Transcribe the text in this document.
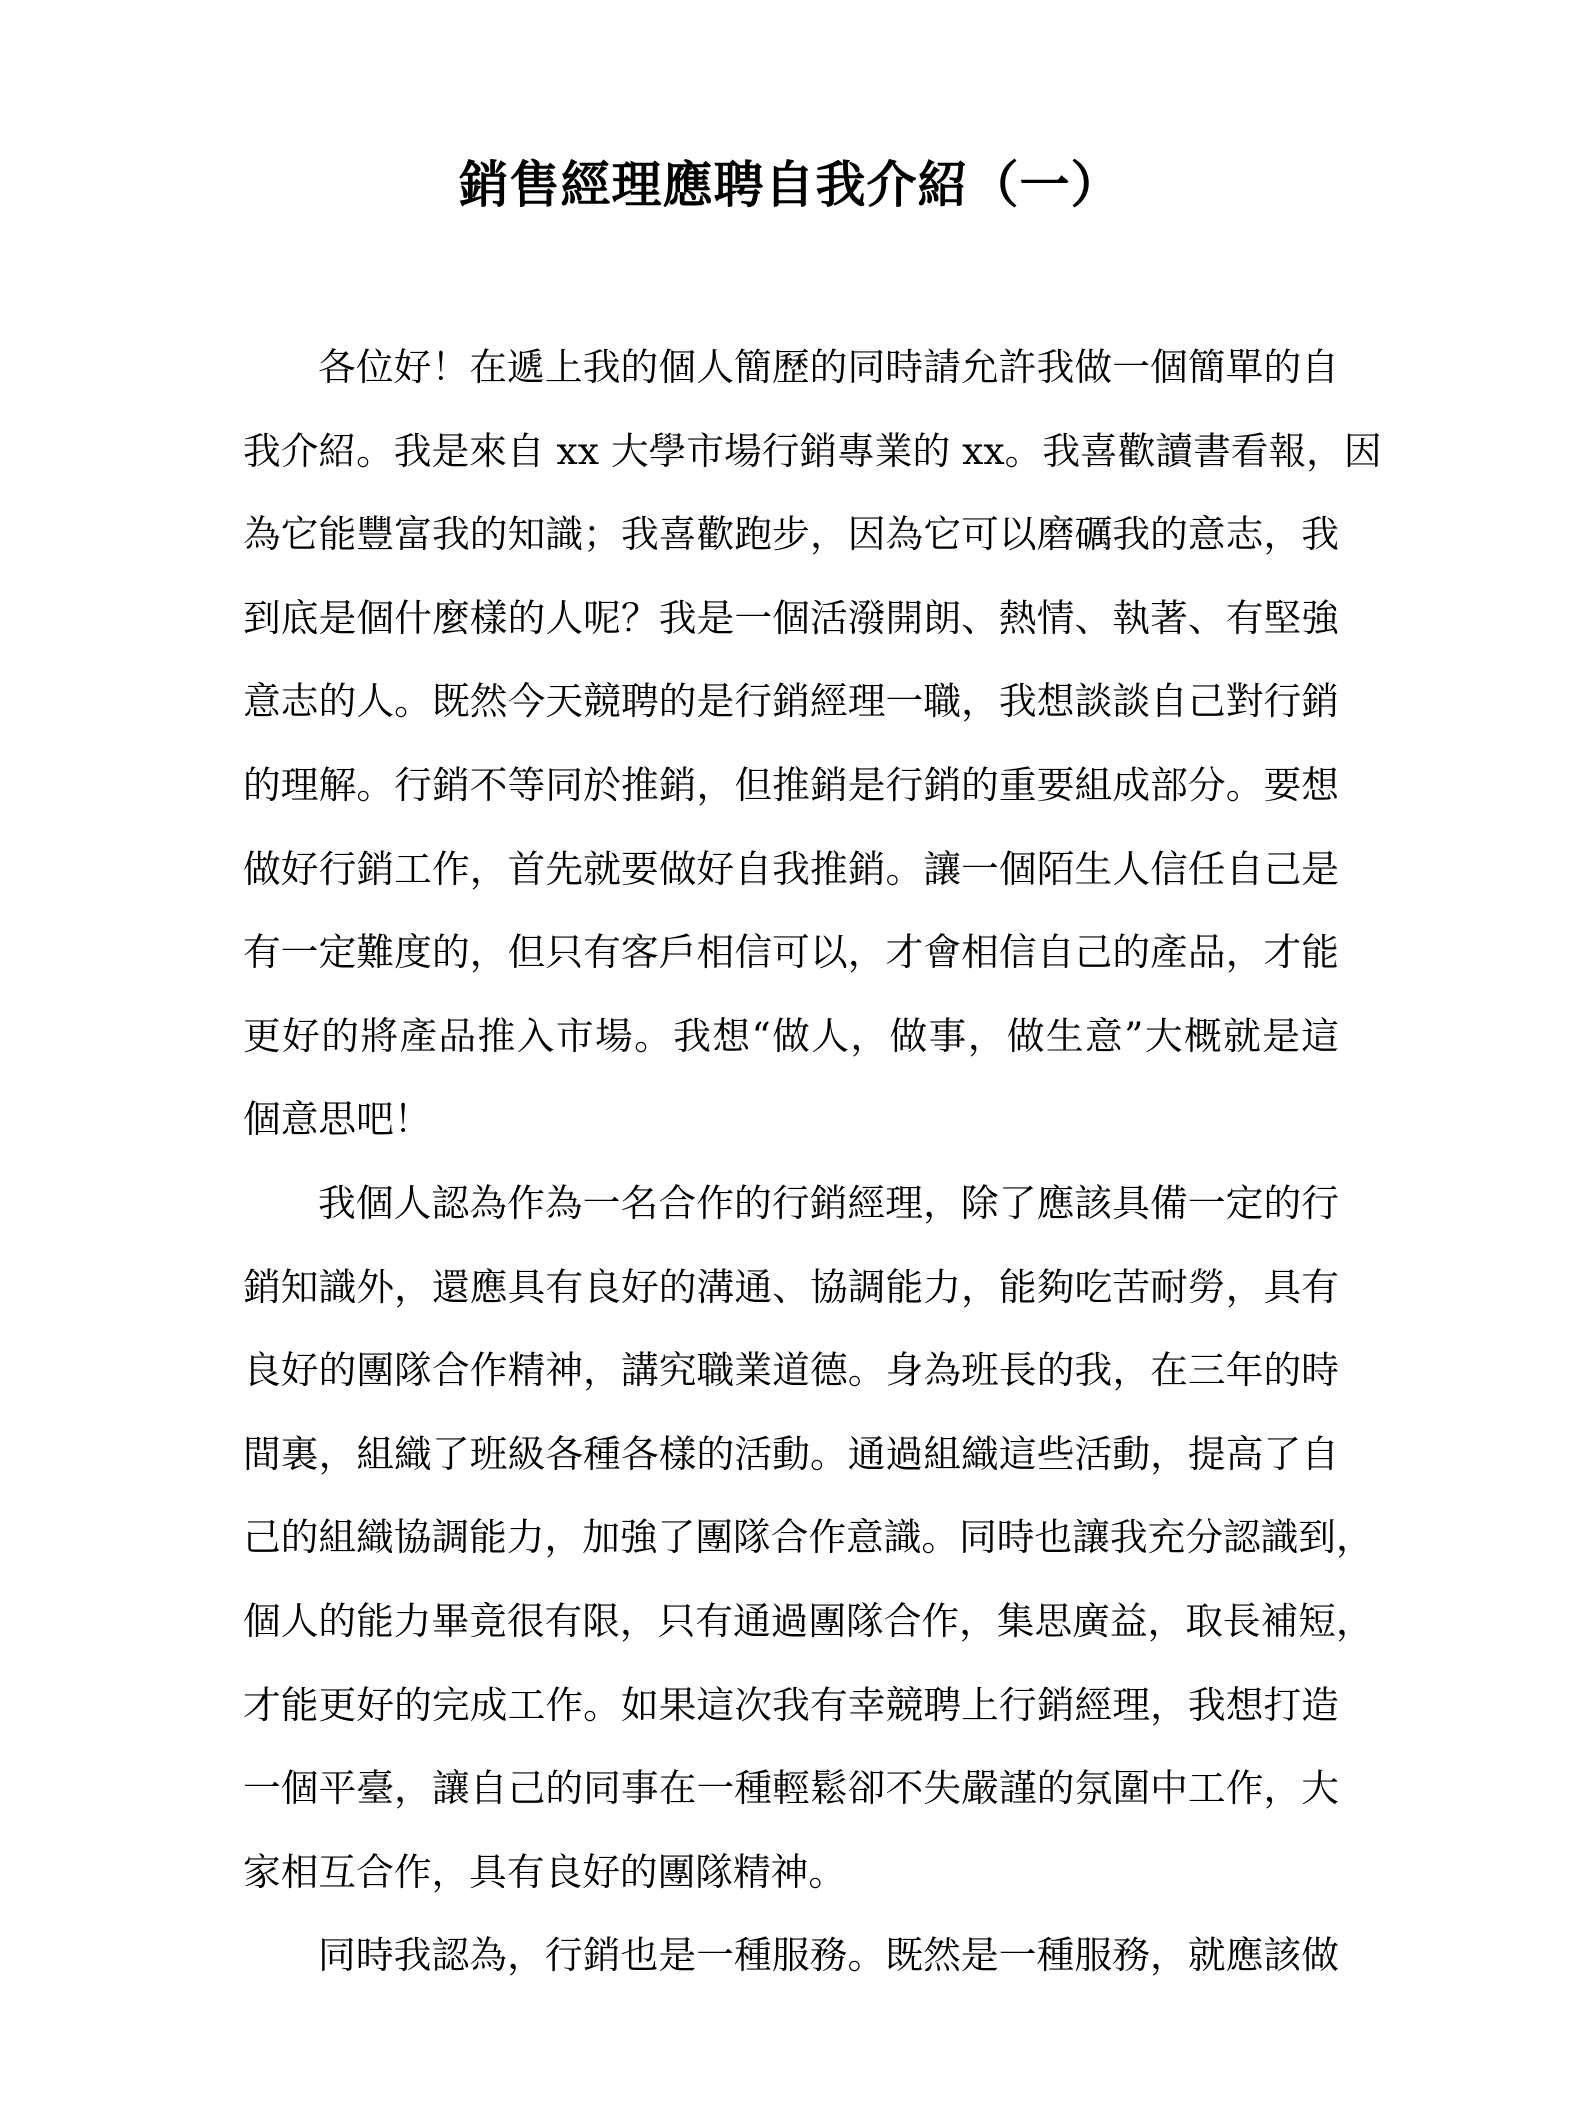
銷售經理應聘自我介紹（一）
各位好！在遞上我的個人簡歷的同時請允許我做一個簡單的自
我介紹。我是來自 xx 大學市場行銷專業的 xx。我喜歡讀書看報，因
為它能豐富我的知識；我喜歡跑步，因為它可以磨礪我的意志，我
到底是個什麼樣的人呢？我是一個活潑開朗、熱情、執著、有堅強
意志的人。既然今天競聘的是行銷經理一職，我想談談自己對行銷
的理解。行銷不等同於推銷，但推銷是行銷的重要組成部分。要想
做好行銷工作，首先就要做好自我推銷。讓一個陌生人信任自己是
有一定難度的，但只有客戶相信可以，才會相信自己的產品，才能
更好的將產品推入市場。我想“做人，做事，做生意”大概就是這
個意思吧！
我個人認為作為一名合作的行銷經理，除了應該具備一定的行
銷知識外，還應具有良好的溝通、協調能力，能夠吃苦耐勞，具有
良好的團隊合作精神，講究職業道德。身為班長的我，在三年的時
間裏，組織了班級各種各樣的活動。通過組織這些活動，提高了自
己的組織協調能力，加強了團隊合作意識。同時也讓我充分認識到，
個人的能力畢竟很有限，只有通過團隊合作，集思廣益，取長補短，
才能更好的完成工作。如果這次我有幸競聘上行銷經理，我想打造
一個平臺，讓自己的同事在一種輕鬆卻不失嚴謹的氛圍中工作，大
家相互合作，具有良好的團隊精神。
同時我認為，行銷也是一種服務。既然是一種服務，就應該做
